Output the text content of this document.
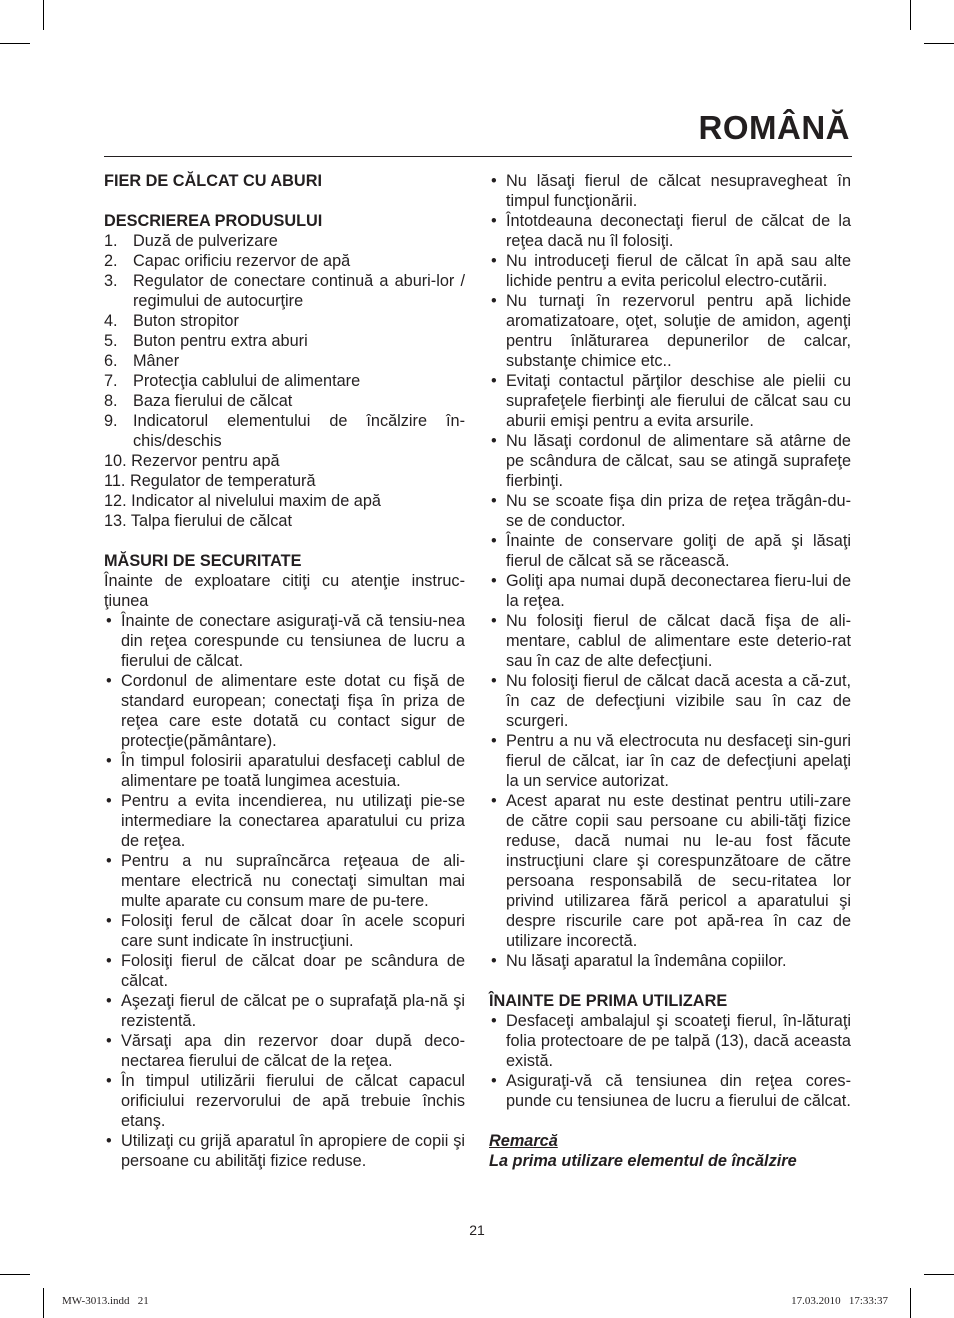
ROMÂNĂ

FIER DE CĂLCAT CU ABURI

DESCRIEREA PRODUSULUI

1. Duză de pulverizare
2. Capac orificiu rezervor de apă
3. Regulator de conectare continuă a aburi-lor / regimului de autocurţire
4. Buton stropitor
5. Buton pentru extra aburi
6. Mâner
7. Protecţia cablului de alimentare
8. Baza fierului de călcat
9. Indicatorul elementului de încălzire în-chis/deschis
10. Rezervor pentru apă
11. Regulator de temperatură
12. Indicator al nivelului maxim de apă
13. Talpa fierului de călcat

MĂSURI DE SECURITATE

Înainte de exploatare citiţi cu atenţie instruc-ţiunea

• Înainte de conectare asiguraţi-vă că tensiu-nea din reţea corespunde cu tensiunea de lucru a fierului de călcat.
• Cordonul de alimentare este dotat cu fişă de standard european; conectaţi fişa în priza de reţea care este dotată cu contact sigur de protecţie(pământare).
• În timpul folosirii aparatului desfaceţi cablul de alimentare pe toată lungimea acestuia.
• Pentru a evita incendierea, nu utilizaţi pie-se intermediare la conectarea aparatului cu priza de reţea.
• Pentru a nu supraîncărca reţeaua de ali-mentare electrică nu conectaţi simultan mai multe aparate cu consum mare de pu-tere.
• Folosiţi ferul de călcat doar în acele scopuri care sunt indicate în instrucţiuni.
• Folosiţi fierul de călcat doar pe scândura de călcat.
• Aşezaţi fierul de călcat pe o suprafaţă pla-nă şi rezistentă.
• Vărsaţi apa din rezervor doar după deco-nectarea fierului de călcat de la reţea.
• În timpul utilizării fierului de călcat capacul orificiului rezervorului de apă trebuie închis etanş.
• Utilizaţi cu grijă aparatul în apropiere de copii şi persoane cu abilităţi fizice reduse.
• Nu lăsaţi fierul de călcat nesupravegheat în timpul funcţionării.
• Întotdeauna deconectaţi fierul de călcat de la reţea dacă nu îl folosiţi.
• Nu introduceţi fierul de călcat în apă sau alte lichide pentru a evita pericolul electro-cutării.
• Nu turnaţi în rezervorul pentru apă lichide aromatizatoare, oţet, soluţie de amidon, agenţi pentru înlăturarea depunerilor de calcar, substanţe chimice etc..
• Evitaţi contactul părţilor deschise ale pielii cu suprafeţele fierbinţi ale fierului de călcat sau cu aburii emişi pentru a evita arsurile.
• Nu lăsaţi cordonul de alimentare să atârne de pe scândura de călcat, sau se atingă suprafeţe fierbinţi.
• Nu se scoate fişa din priza de reţea trăgân-du-se de conductor.
• Înainte de conservare goliţi de apă şi lăsaţi fierul de călcat să se răcească.
• Goliţi apa numai după deconectarea fieru-lui de la reţea.
• Nu folosiţi fierul de călcat dacă fişa de ali-mentare, cablul de alimentare este deterio-rat sau în caz de alte defecţiuni.
• Nu folosiţi fierul de călcat dacă acesta a că-zut, în caz de defecţiuni vizibile sau în caz de scurgeri.
• Pentru a nu vă electrocuta nu desfaceţi sin-guri fierul de călcat, iar în caz de defecţiuni apelaţi la un service autorizat.
• Acest aparat nu este destinat pentru utili-zare de către copii sau persoane cu abili-tăţi fizice reduse, dacă numai nu le-au fost făcute instrucţiuni clare şi corespunzătoare de către persoana responsabilă de secu-ritatea lor privind utilizarea fără pericol a aparatului şi despre riscurile care pot apă-rea în caz de utilizare incorectă.
• Nu lăsaţi aparatul la îndemâna copiilor.

ÎNAINTE DE PRIMA UTILIZARE

• Desfaceţi ambalajul şi scoateţi fierul, în-lăturaţi folia protectoare de pe talpă (13), dacă aceasta există.
• Asiguraţi-vă că tensiunea din reţea cores-punde cu tensiunea de lucru a fierului de călcat.

Remarcă

La prima utilizare elementul de încălzire

21
MW-3013.indd   21	17.03.2010   17:33:37
